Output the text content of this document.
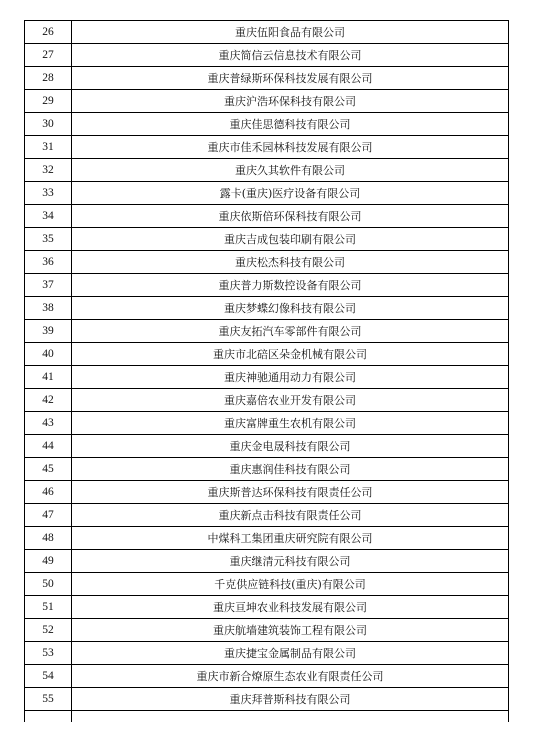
26	重庆伍阳食品有限公司
27	重庆简信云信息技术有限公司
28	重庆普绿斯环保科技发展有限公司
29	重庆沪浩环保科技有限公司
30	重庆佳思德科技有限公司
31	重庆市佳禾园林科技发展有限公司
32	重庆久其软件有限公司
33	露卡(重庆)医疗设备有限公司
34	重庆依斯倍环保科技有限公司
35	重庆吉成包装印刷有限公司
36	重庆松杰科技有限公司
37	重庆普力斯数控设备有限公司
38	重庆梦蝶幻像科技有限公司
39	重庆友拓汽车零部件有限公司
40	重庆市北碚区朵金机械有限公司
41	重庆神驰通用动力有限公司
42	重庆嘉倍农业开发有限公司
43	重庆富牌重生农机有限公司
44	重庆金电晟科技有限公司
45	重庆惠润佳科技有限公司
46	重庆斯普达环保科技有限责任公司
47	重庆新点击科技有限责任公司
48	中煤科工集团重庆研究院有限公司
49	重庆继清元科技有限公司
50	千克供应链科技(重庆)有限公司
51	重庆亘坤农业科技发展有限公司
52	重庆航墙建筑装饰工程有限公司
53	重庆捷宝金属制品有限公司
54	重庆市新合燎原生态农业有限责任公司
55	重庆拜普斯科技有限公司
